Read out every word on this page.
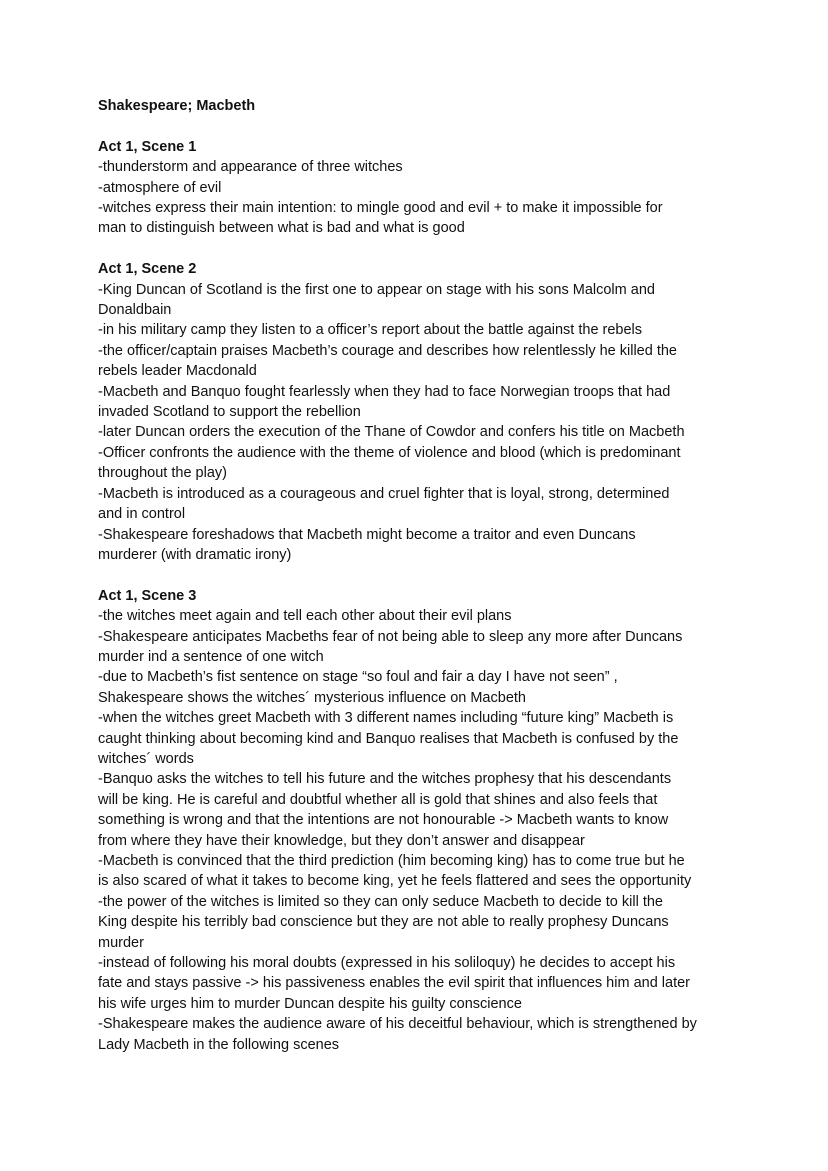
Shakespeare; Macbeth
Act 1, Scene 1
-thunderstorm and appearance of three witches
-atmosphere of evil
-witches express their main intention: to mingle good and evil + to make it impossible for
man to distinguish between what is bad and what is good
Act 1, Scene 2
-King Duncan of Scotland is the first one to appear on stage with his sons Malcolm and
Donaldbain
-in his military camp they listen to a officer’s report about the battle against the rebels
-the officer/captain praises Macbeth’s courage and describes how relentlessly he killed the
rebels leader Macdonald
-Macbeth and Banquo fought fearlessly when they had to face Norwegian troops that had
invaded Scotland to support the rebellion
-later Duncan orders the execution of the Thane of Cowdor and confers his title on Macbeth
-Officer confronts the audience with the theme of violence and blood (which is predominant
throughout the play)
-Macbeth is introduced as a courageous and cruel fighter that is loyal, strong, determined
and in control
-Shakespeare foreshadows that Macbeth might become a traitor and even Duncans
murderer (with dramatic irony)
Act 1, Scene 3
-the witches meet again and tell each other about their evil plans
-Shakespeare anticipates Macbeths fear of not being able to sleep any more after Duncans
murder ind a sentence of one witch
-due to Macbeth’s fist sentence on stage “so foul and fair a day I have not seen” ,
Shakespeare shows the witches´ mysterious influence on Macbeth
-when the witches greet Macbeth with 3 different names including “future king” Macbeth is
caught thinking about becoming kind and Banquo realises that Macbeth is confused by the
witches´ words
-Banquo asks the witches to tell his future and the witches prophesy that his descendants
will be king. He is careful and doubtful whether all is gold that shines and also feels that
something is wrong and that the intentions are not honourable -> Macbeth wants to know
from where they have their knowledge, but they don’t answer and disappear
-Macbeth is convinced that the third prediction (him becoming king) has to come true but he
is also scared of what it takes to become king, yet he feels flattered and sees the opportunity
-the power of the witches is limited so they can only seduce Macbeth to decide to kill the
King despite his terribly bad conscience but they are not able to really prophesy Duncans
murder
-instead of following his moral doubts (expressed in his soliloquy) he decides to accept his
fate and stays passive -> his passiveness enables the evil spirit that influences him and later
his wife urges him to murder Duncan despite his guilty conscience
-Shakespeare makes the audience aware of his deceitful behaviour, which is strengthened by
Lady Macbeth in the following scenes
